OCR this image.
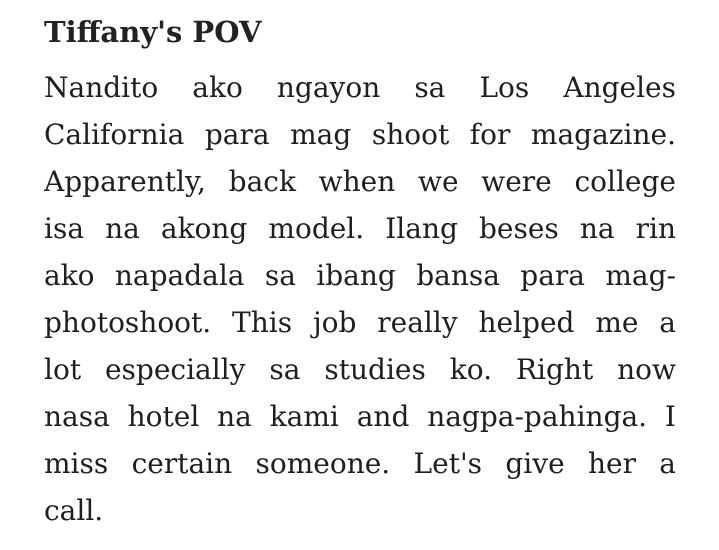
Tiffany's POV
Nandito ako ngayon sa Los Angeles
California para mag shoot for magazine.
Apparently, back when we were college
isa na akong model. Ilang beses na rin
ako napadala sa ibang bansa para mag-
photoshoot. This job really helped me a
lot especially sa studies ko. Right now
nasa hotel na kami and nagpa-pahinga. I
miss certain someone. Let's give her a
call.
